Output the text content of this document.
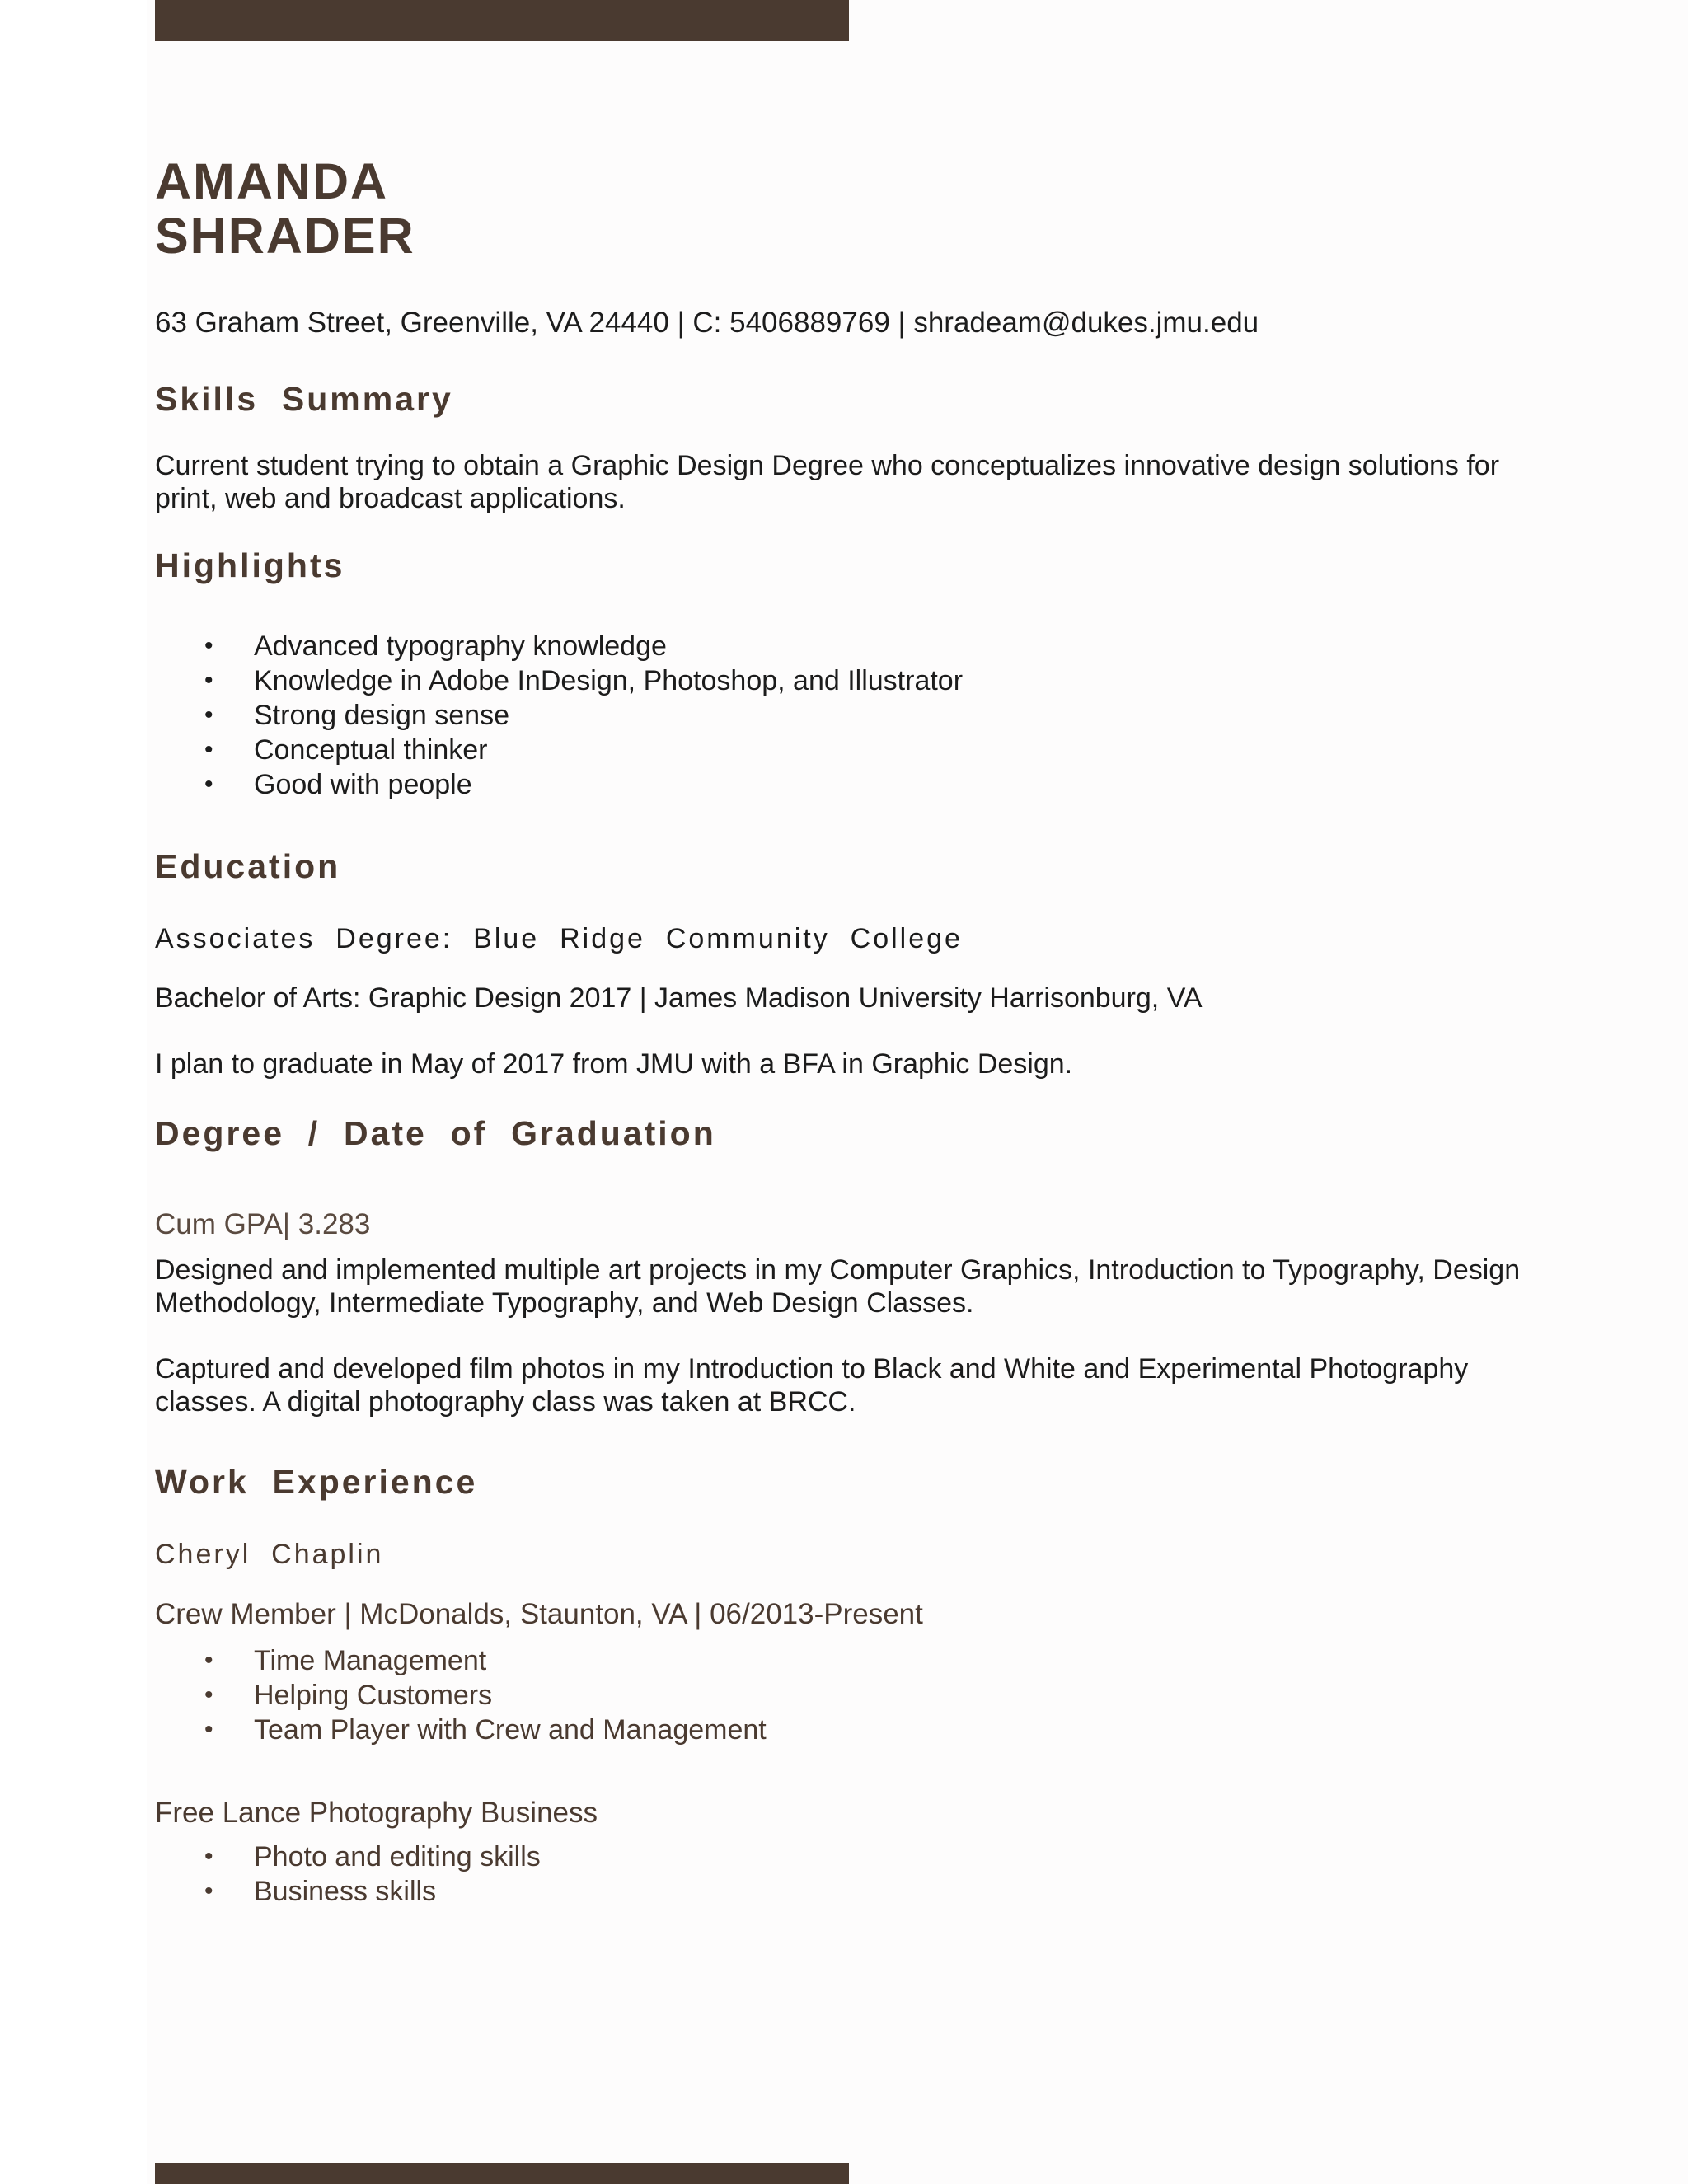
AMANDA
SHRADER
63 Graham Street, Greenville, VA 24440 | C: 5406889769 | shradeam@dukes.jmu.edu
Skills  Summary

Current student trying to obtain a Graphic Design Degree who conceptualizes innovative design solutions for print, web and broadcast applications.

Highlights
• Advanced typography knowledge
• Knowledge in Adobe InDesign, Photoshop, and Illustrator
• Strong design sense
• Conceptual thinker
• Good with people
Education
Associates  Degree:  Blue  Ridge  Community  College

Bachelor of Arts: Graphic Design 2017 | James Madison University Harrisonburg, VA

I plan to graduate in May of 2017 from JMU with a BFA in Graphic Design.

Degree  /  Date  of  Graduation
Cum GPA| 3.283

Designed and implemented multiple art projects in my Computer Graphics, Introduction to Typography, Design Methodology, Intermediate Typography, and Web Design Classes.

Captured and developed film photos in my Introduction to Black and White and Experimental Photography classes. A digital photography class was taken at BRCC.

Work  Experience
Cheryl  Chaplin
Crew Member | McDonalds, Staunton, VA | 06/2013-Present
• Time Management
• Helping Customers
• Team Player with Crew and Management
Free Lance Photography Business
• Photo and editing skills
• Business skills
